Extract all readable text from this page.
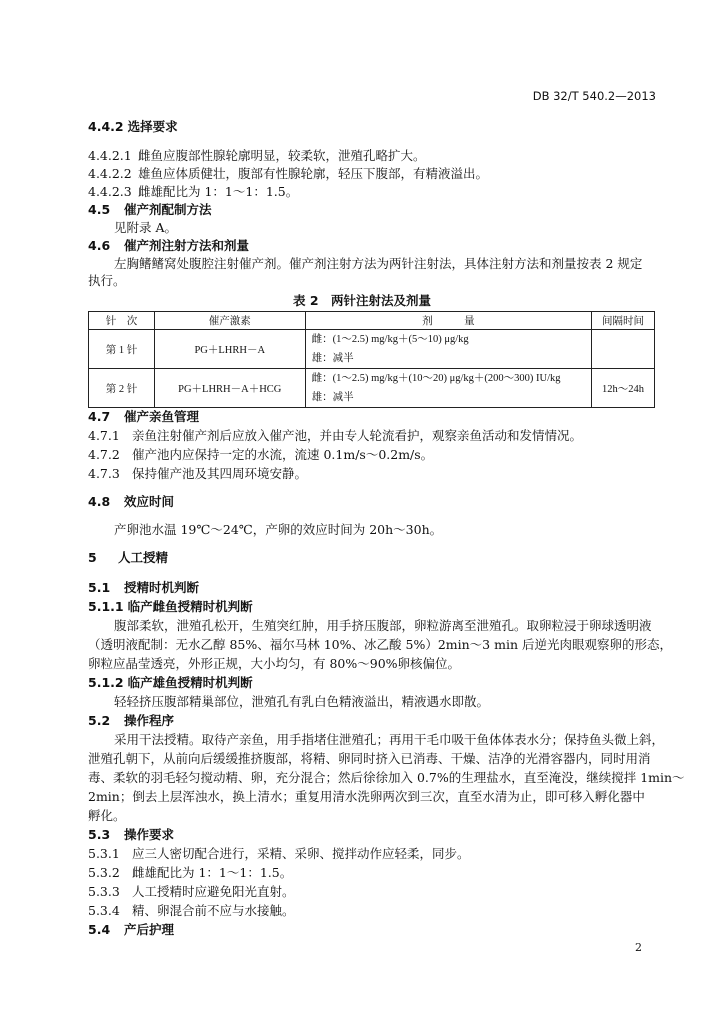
DB 32/T 540.2—2013
4.4.2 选择要求
4.4.2.1 雌鱼应腹部性腺轮廓明显，较柔软，泄殖孔略扩大。
4.4.2.2 雄鱼应体质健壮，腹部有性腺轮廓，轻压下腹部，有精液溢出。
4.4.2.3 雌雄配比为 1：1～1：1.5。
4.5 催产剂配制方法
见附录 A。
4.6 催产剂注射方法和剂量
左胸鳍鳍窝处腹腔注射催产剂。催产剂注射方法为两针注射法，具体注射方法和剂量按表 2 规定
执行。
表 2　两针注射法及剂量
针　次	催产激素	剂　　　量	间隔时间
第 1 针	PG＋LHRH－A	雌：(1～2.5) mg/kg＋(5～10) μg/kg
雄：减半	

第 2 针	PG＋LHRH－A＋HCG	雌：(1～2.5) mg/kg＋(10～20) μg/kg＋(200～300) IU/kg
雄：减半	12h～24h
4.7 催产亲鱼管理
4.7.1 亲鱼注射催产剂后应放入催产池，并由专人轮流看护，观察亲鱼活动和发情情况。
4.7.2 催产池内应保持一定的水流，流速 0.1m/s～0.2m/s。
4.7.3 保持催产池及其四周环境安静。
4.8 效应时间
产卵池水温 19℃～24℃，产卵的效应时间为 20h～30h。
5 人工授精
5.1 授精时机判断
5.1.1 临产雌鱼授精时机判断
腹部柔软，泄殖孔松开，生殖突红肿，用手挤压腹部，卵粒游离至泄殖孔。取卵粒浸于卵球透明液
（透明液配制：无水乙醇 85%、福尔马林 10%、冰乙酸 5%）2min～3 min 后逆光肉眼观察卵的形态，
卵粒应晶莹透亮，外形正规，大小均匀，有 80%～90%卵核偏位。
5.1.2 临产雄鱼授精时机判断
轻轻挤压腹部精巢部位，泄殖孔有乳白色精液溢出，精液遇水即散。
5.2 操作程序
采用干法授精。取待产亲鱼，用手指堵住泄殖孔；再用干毛巾吸干鱼体体表水分；保持鱼头微上斜，
泄殖孔朝下，从前向后缓缓推挤腹部，将精、卵同时挤入已消毒、干燥、洁净的光滑容器内，同时用消
毒、柔软的羽毛轻匀搅动精、卵，充分混合；然后徐徐加入 0.7%的生理盐水，直至淹没，继续搅拌 1min～
2min；倒去上层浑浊水，换上清水；重复用清水洗卵两次到三次，直至水清为止，即可移入孵化器中
孵化。
5.3 操作要求
5.3.1 应三人密切配合进行，采精、采卵、搅拌动作应轻柔，同步。
5.3.2 雌雄配比为 1：1～1：1.5。
5.3.3 人工授精时应避免阳光直射。
5.3.4 精、卵混合前不应与水接触。
5.4 产后护理
2
